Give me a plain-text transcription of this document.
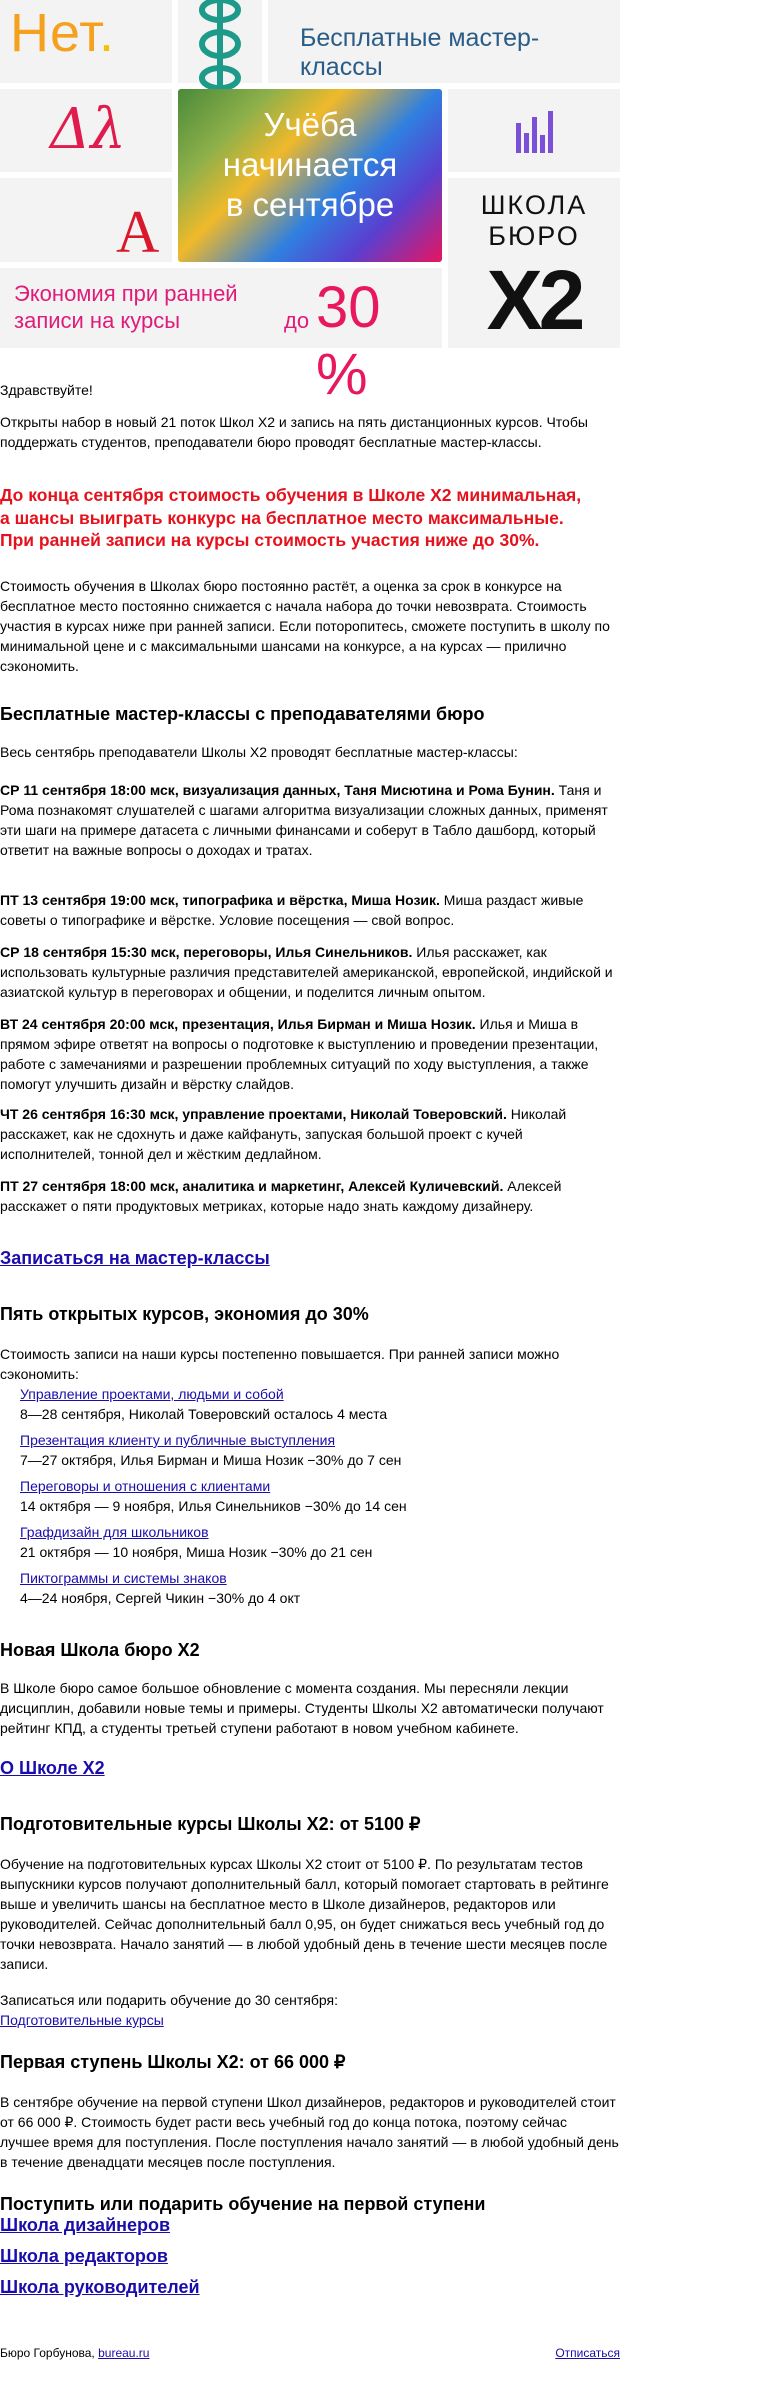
Нет.	Бесплатные мастер-классы
Δλ	Учёба
начинается
в сентябре
А	ШКОЛА
БЮРО
X2
Экономия при ранней
записи на курсы	до 30 %

Здравствуйте!

Открыты набор в новый 21 поток Школ X2 и запись на пять дистанционных курсов. Чтобы поддержать студентов, преподаватели бюро проводят бесплатные мастер-классы.

До конца сентября стоимость обучения в Школе X2 минимальная,
а шансы выиграть конкурс на бесплатное место максимальные.
При ранней записи на курсы стоимость участия ниже до 30%.

Стоимость обучения в Школах бюро постоянно растёт, а оценка за срок в конкурсе на бесплатное место постоянно снижается с начала набора до точки невозврата. Стоимость участия в курсах ниже при ранней записи. Если поторопитесь, сможете поступить в школу по минимальной цене и с максимальными шансами на конкурсе, а на курсах — прилично сэкономить.

Бесплатные мастер-классы с преподавателями бюро

Весь сентябрь преподаватели Школы X2 проводят бесплатные мастер-классы:

СР 11 сентября 18:00 мск, визуализация данных, Таня Мисютина и Рома Бунин. Таня и Рома познакомят слушателей с шагами алгоритма визуализации сложных данных, применят эти шаги на примере датасета с личными финансами и соберут в Табло дашборд, который ответит на важные вопросы о доходах и тратах.

ПТ 13 сентября 19:00 мск, типографика и вёрстка, Миша Нозик. Миша раздаст живые советы о типографике и вёрстке. Условие посещения — свой вопрос.

СР 18 сентября 15:30 мск, переговоры, Илья Синельников. Илья расскажет, как использовать культурные различия представителей американской, европейской, индийской и азиатской культур в переговорах и общении, и поделится личным опытом.

ВТ 24 сентября 20:00 мск, презентация, Илья Бирман и Миша Нозик. Илья и Миша в прямом эфире ответят на вопросы о подготовке к выступлению и проведении презентации, работе с замечаниями и разрешении проблемных ситуаций по ходу выступления, а также помогут улучшить дизайн и вёрстку слайдов.

ЧТ 26 сентября 16:30 мск, управление проектами, Николай Товеровский. Николай расскажет, как не сдохнуть и даже кайфануть, запуская большой проект с кучей исполнителей, тонной дел и жёстким дедлайном.

ПТ 27 сентября 18:00 мск, аналитика и маркетинг, Алексей Куличевский. Алексей расскажет о пяти продуктовых метриках, которые надо знать каждому дизайнеру.

Записаться на мастер-классы
Пять открытых курсов, экономия до 30%

Стоимость записи на наши курсы постепенно повышается. При ранней записи можно сэкономить:

Управление проектами, людьми и собой
8—28 сентября, Николай Товеровский осталось 4 места
Презентация клиенту и публичные выступления
7—27 октября, Илья Бирман и Миша Нозик −30% до 7 сен
Переговоры и отношения с клиентами
14 октября — 9 ноября, Илья Синельников −30% до 14 сен
Графдизайн для школьников
21 октября — 10 ноября, Миша Нозик −30% до 21 сен
Пиктограммы и системы знаков
4—24 ноября, Сергей Чикин −30% до 4 окт
Новая Школа бюро X2

В Школе бюро самое большое обновление с момента создания. Мы пересняли лекции дисциплин, добавили новые темы и примеры. Студенты Школы X2 автоматически получают рейтинг КПД, а студенты третьей ступени работают в новом учебном кабинете.

О Школе X2
Подготовительные курсы Школы X2: от 5100 ₽

Обучение на подготовительных курсах Школы X2 стоит от 5100 ₽. По результатам тестов выпускники курсов получают дополнительный балл, который помогает стартовать в рейтинге выше и увеличить шансы на бесплатное место в Школе дизайнеров, редакторов или руководителей. Сейчас дополнительный балл 0,95, он будет снижаться весь учебный год до точки невозврата. Начало занятий — в любой удобный день в течение шести месяцев после записи.

Записаться или подарить обучение до 30 сентября:
Подготовительные курсы

Первая ступень Школы X2: от 66 000 ₽

В сентябре обучение на первой ступени Школ дизайнеров, редакторов и руководителей стоит от 66 000 ₽. Стоимость будет расти весь учебный год до конца потока, поэтому сейчас лучшее время для поступления. После поступления начало занятий — в любой удобный день в течение двенадцати месяцев после поступления.

Поступить или подарить обучение на первой ступени
Школа дизайнеров
Школа редакторов
Школа руководителей
Бюро Горбунова, bureau.ru	Отписаться
